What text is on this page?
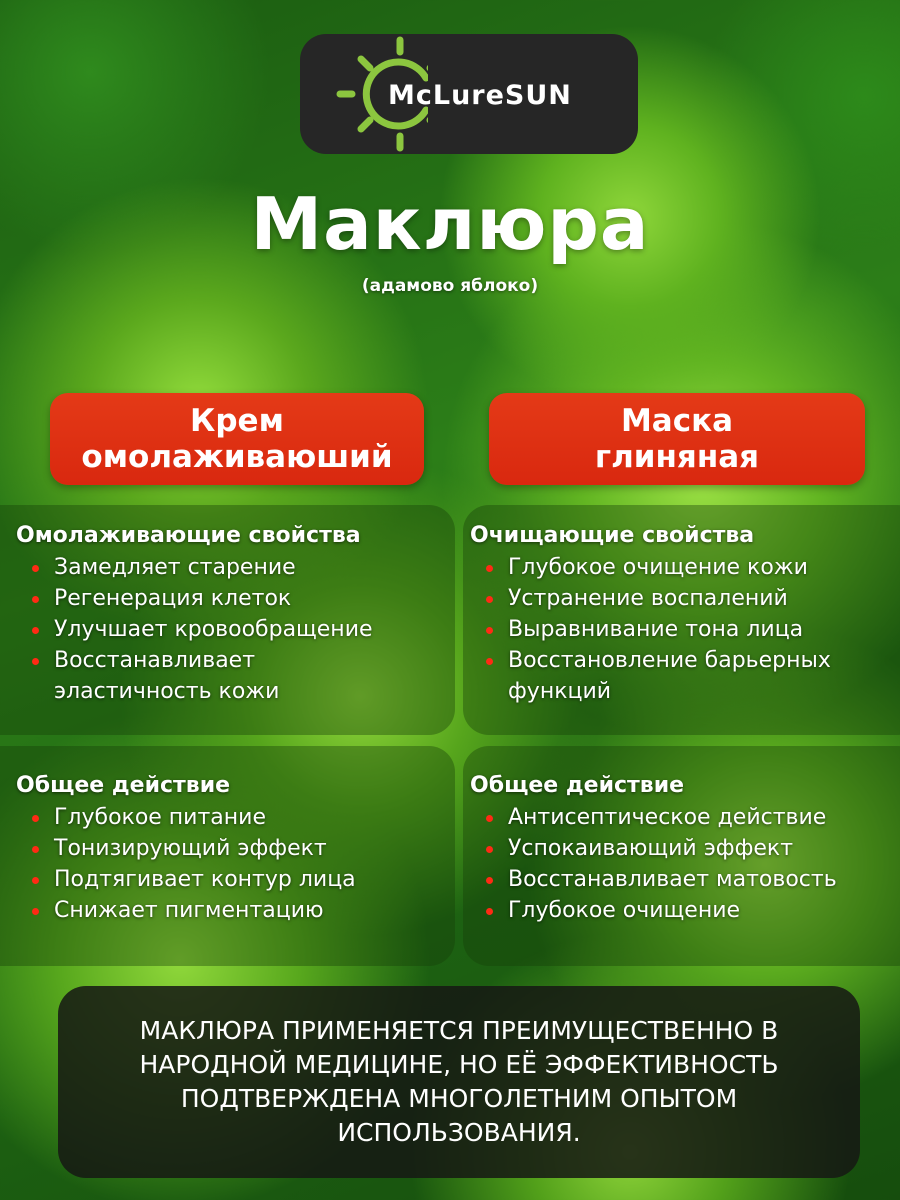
McLureSUN
Маклюра
(адамово яблоко)
Крем
омолаживаюший
Маска
глиняная
Омолаживающие свойства
Замедляет старение
Регенерация клеток
Улучшает кровообращение
Восстанавливает
эластичность кожи
Очищающие свойства
Глубокое очищение кожи
Устранение воспалений
Выравнивание тона лица
Восстановление барьерных
функций
Общее действие
Глубокое питание
Тонизирующий эффект
Подтягивает контур лица
Снижает пигментацию
Общее действие
Антисептическое действие
Успокаивающий эффект
Восстанавливает матовость
Глубокое очищение

МАКЛЮРА ПРИМЕНЯЕТСЯ ПРЕИМУЩЕСТВЕННО В НАРОДНОЙ МЕДИЦИНЕ, НО ЕЁ ЭФФЕКТИВНОСТЬ ПОДТВЕРЖДЕНА МНОГОЛЕТНИМ ОПЫТОМ ИСПОЛЬЗОВАНИЯ.
